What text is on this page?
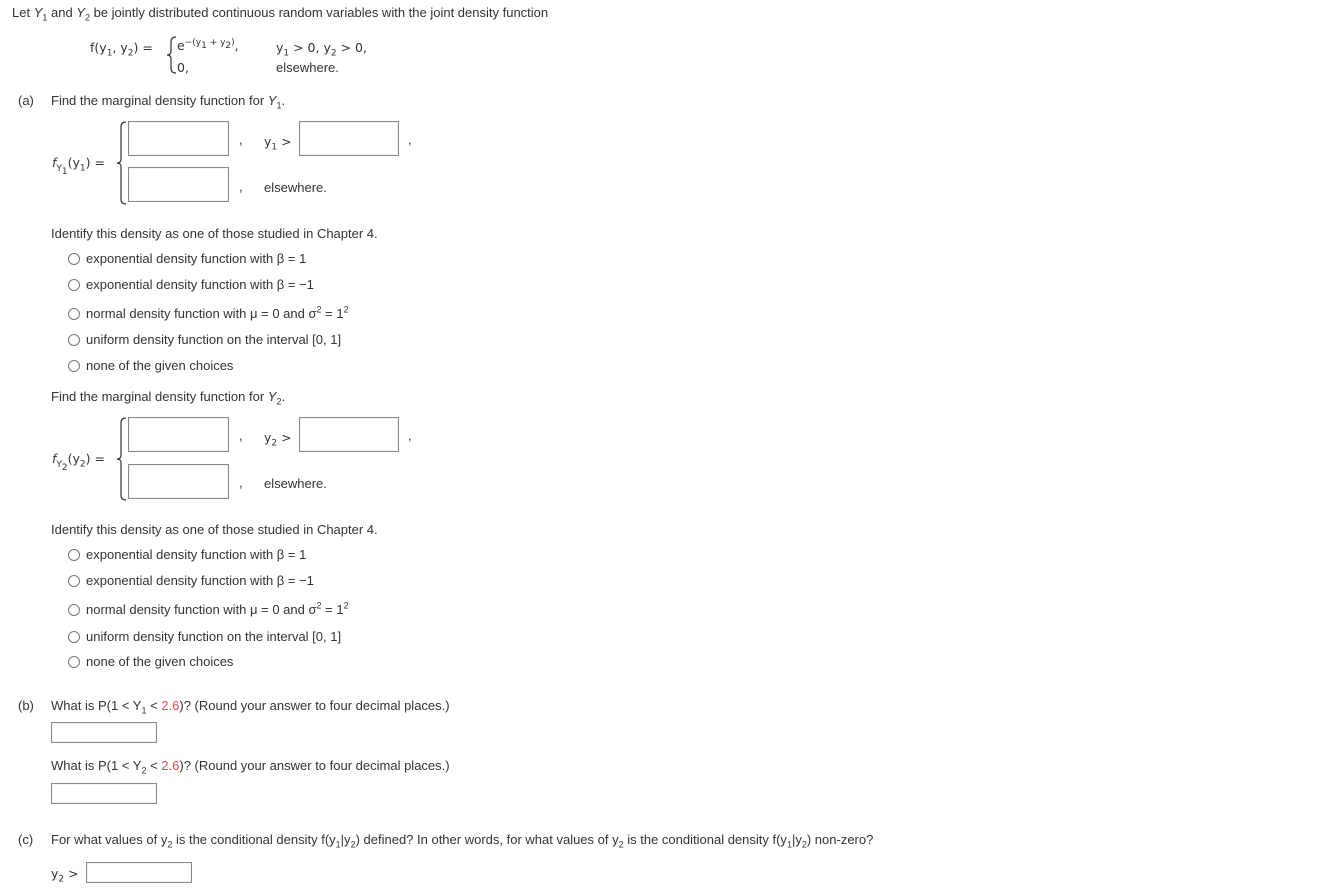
Let $Y_1$ and $Y_2$ be jointly distributed continuous random variables with the joint density function
$f(y_1$, $y_2) = e^{-(y_1 + y_2)}$,	$y_1 > 0$, $y_2 > 0$,
0,	elsewhere.
(a) Find the marginal density function for $Y_1$.
$f_{Y_1}(y_1)$ =
, $y_1$ >	,
, elsewhere.
Identify this density as one of those studied in Chapter 4.
exponential density function with β = 1
exponential density function with β = −1
normal density function with μ = 0 and $\sigma^2 = 1^2$
uniform density function on the interval [0, 1]
none of the given choices
Find the marginal density function for $Y_2$.
$f_{Y_2}(y_2)$ =
, $y_2$ >	,
, elsewhere.
Identify this density as one of those studied in Chapter 4.
exponential density function with β = 1
exponential density function with β = −1
normal density function with μ = 0 and $\sigma^2 = 1^2$
uniform density function on the interval [0, 1]
none of the given choices
(b) What is $P(1 < Y_1 < 2.6)$? (Round your answer to four decimal places.)
What is $P(1 < Y_2 < 2.6)$? (Round your answer to four decimal places.)
(c) For what values of $y_2$ is the conditional density $f(y_1|y_2)$ defined? In other words, for what values of $y_2$ is the conditional density $f(y_1|y_2)$ non-zero?
$y_2$ >
